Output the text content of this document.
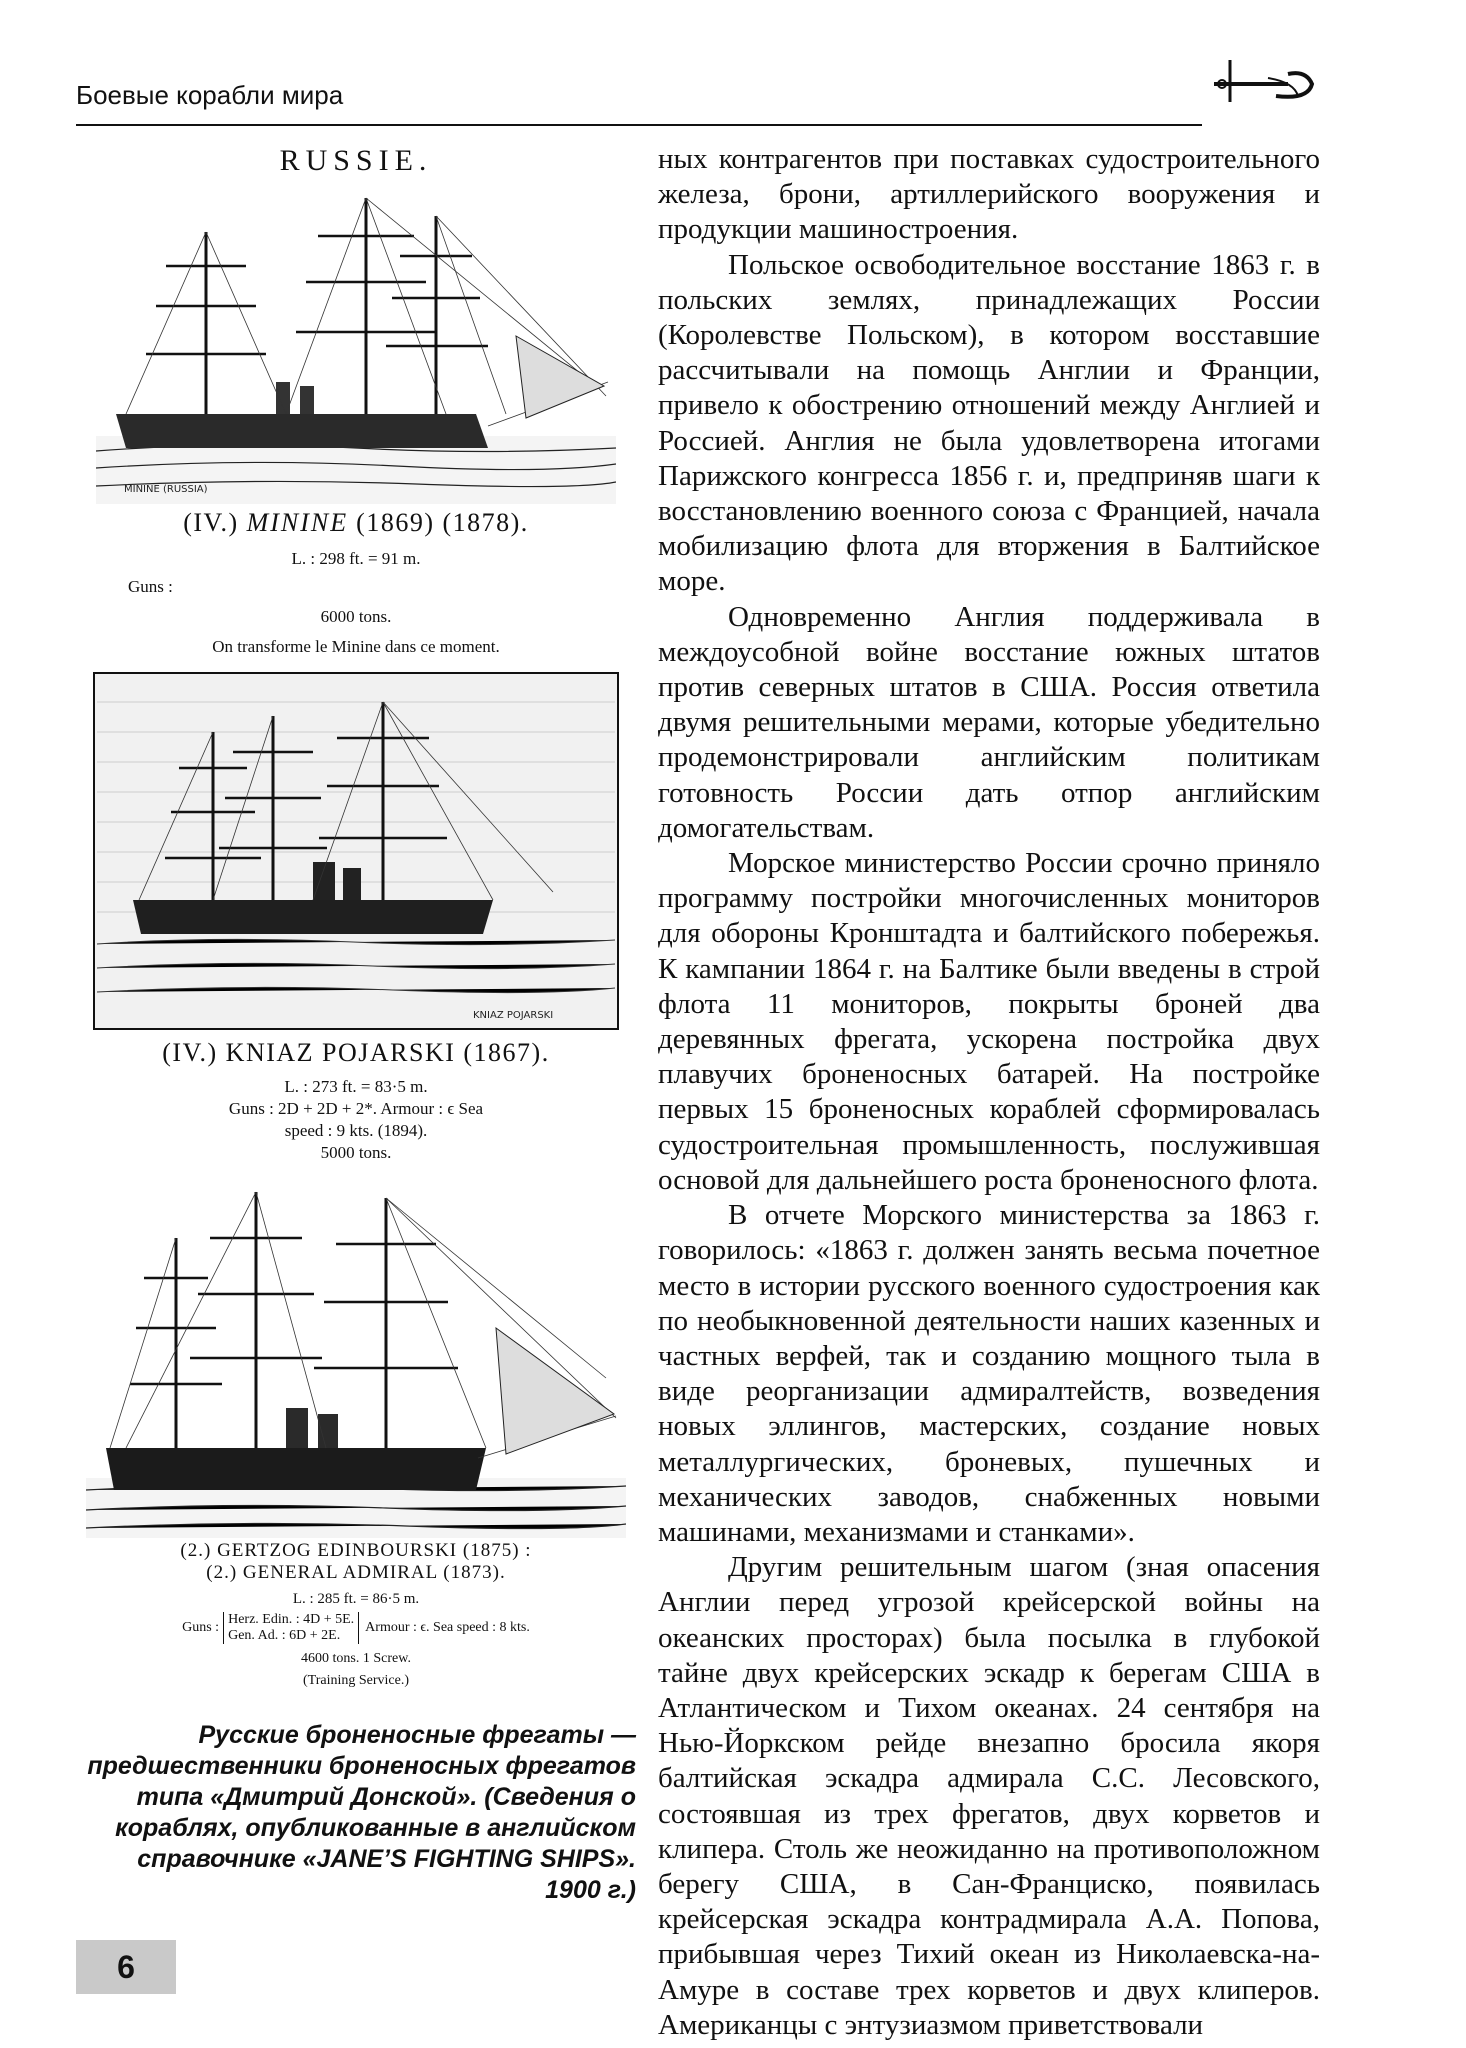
Боевые корабли мира
RUSSIE.
MININE (RUSSIA)
(IV.) MININE (1869) (1878).
L. : 298 ft. = 91 m.
Guns :
6000 tons.
On transforme le Minine dans ce moment.
KNIAZ POJARSKI
(IV.) KNIAZ POJARSKI (1867).
L. : 273 ft. = 83·5 m.
Guns : 2D + 2D + 2*. Armour : ϵ Sea
speed : 9 kts. (1894).
5000 tons.
(2.) GERTZOG EDINBOURSKI (1875) :
(2.) GENERAL ADMIRAL (1873).
L. : 285 ft. = 86·5 m.
Guns :
Herz. Edin. : 4D + 5E.
Gen. Ad. : 6D + 2E.
Armour : ϵ. Sea speed : 8 kts.
4600 tons. 1 Screw.
(Training Service.)
Русские броненосные фрегаты — предшественники броненосных фрегатов типа «Дмитрий Донской». (Сведения о кораблях, опубликованные в английском справочнике «JANE’S FIGHTING SHIPS». 1900 г.)

ных контрагентов при поставках судостроительного железа, брони, артиллерийского вооружения и продукции машиностроения.

Польское освободительное восстание 1863 г. в польских землях, принадлежащих России (Королевстве Польском), в котором восставшие рассчитывали на помощь Англии и Франции, привело к обострению отношений между Англией и Россией. Англия не была удовлетворена итогами Парижского конгресса 1856 г. и, предприняв шаги к восстановлению военного союза с Францией, начала мобилизацию флота для вторжения в Балтийское море.

Одновременно Англия поддерживала в междоусобной войне восстание южных штатов против северных штатов в США. Россия ответила двумя решительными мерами, которые убедительно продемонстрировали английским политикам готовность России дать отпор английским домогательствам.

Морское министерство России срочно приняло программу постройки многочисленных мониторов для обороны Кронштадта и балтийского побережья. К кампании 1864 г. на Балтике были введены в строй флота 11 мониторов, покрыты броней два деревянных фрегата, ускорена постройка двух плавучих броненосных батарей. На постройке первых 15 броненосных кораблей сформировалась судостроительная промышленность, послужившая основой для дальнейшего роста броненосного флота.

В отчете Морского министерства за 1863 г. говорилось: «1863 г. должен занять весьма почетное место в истории русского военного судостроения как по необыкновенной деятельности наших казенных и частных верфей, так и созданию мощного тыла в виде реорганизации адмиралтейств, возведения новых эллингов, мастерских, создание новых металлургических, броневых, пушечных и механических заводов, снабженных новыми машинами, механизмами и станками».

Другим решительным шагом (зная опасения Англии перед угрозой крейсерской войны на океанских просторах) была посылка в глубокой тайне двух крейсерских эскадр к берегам США в Атлантическом и Тихом океанах. 24 сентября на Нью-Йоркском рейде внезапно бросила якоря балтийская эскадра адмирала С.С. Лесовского, состоявшая из трех фрегатов, двух корветов и клипера. Столь же неожиданно на противоположном берегу США, в Сан-Франциско, появилась крейсерская эскадра контрадмирала А.А. Попова, прибывшая через Тихий океан из Николаевска-на-Амуре в составе трех корветов и двух клиперов. Американцы с энтузиазмом приветствовали

6
